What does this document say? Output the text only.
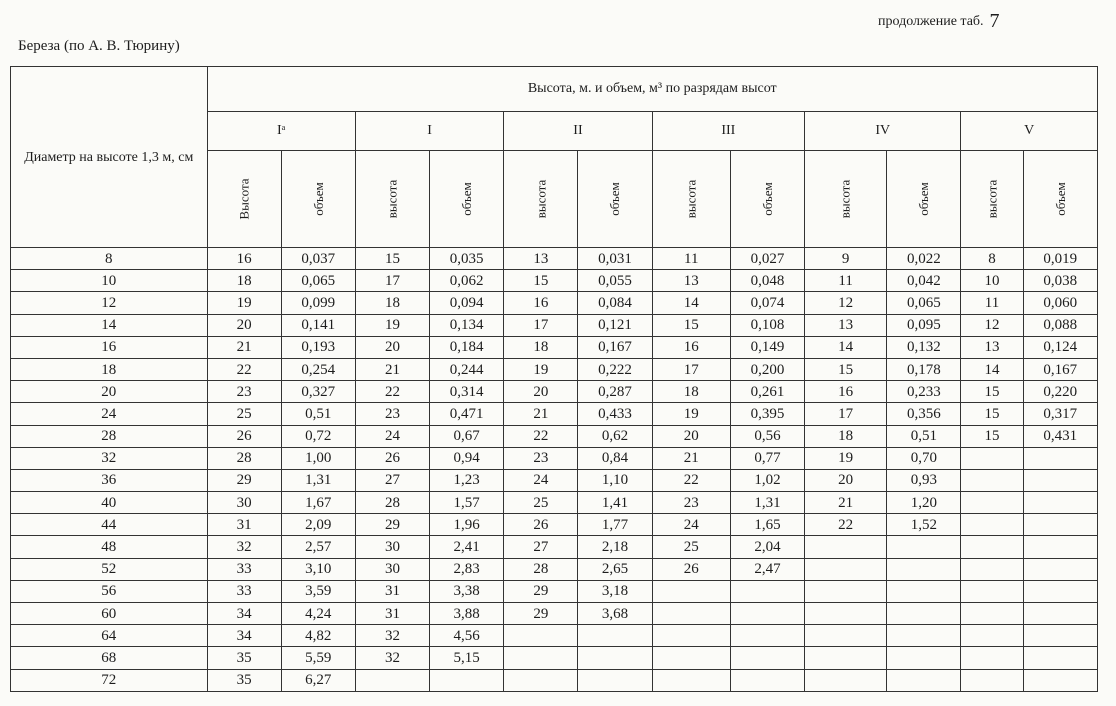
продолжение таб. 7
Береза (по А. В. Тюрину)
Диаметр на высоте 1,3 м, см	Высота, м. и объем, м³ по разрядам высот											
	Iᵃ		I		II		III		IV		V	
	Высота	объем	высота	объем	высота	объем	высота	объем	высота	объем	высота	объем
8	16	0,037	15	0,035	13	0,031	11	0,027	9	0,022	8	0,019
10	18	0,065	17	0,062	15	0,055	13	0,048	11	0,042	10	0,038
12	19	0,099	18	0,094	16	0,084	14	0,074	12	0,065	11	0,060
14	20	0,141	19	0,134	17	0,121	15	0,108	13	0,095	12	0,088
16	21	0,193	20	0,184	18	0,167	16	0,149	14	0,132	13	0,124
18	22	0,254	21	0,244	19	0,222	17	0,200	15	0,178	14	0,167
20	23	0,327	22	0,314	20	0,287	18	0,261	16	0,233	15	0,220
24	25	0,51	23	0,471	21	0,433	19	0,395	17	0,356	15	0,317
28	26	0,72	24	0,67	22	0,62	20	0,56	18	0,51	15	0,431
32	28	1,00	26	0,94	23	0,84	21	0,77	19	0,70		
36	29	1,31	27	1,23	24	1,10	22	1,02	20	0,93		
40	30	1,67	28	1,57	25	1,41	23	1,31	21	1,20		
44	31	2,09	29	1,96	26	1,77	24	1,65	22	1,52		
48	32	2,57	30	2,41	27	2,18	25	2,04				
52	33	3,10	30	2,83	28	2,65	26	2,47				
56	33	3,59	31	3,38	29	3,18						
60	34	4,24	31	3,88	29	3,68						
64	34	4,82	32	4,56								
68	35	5,59	32	5,15								
72	35	6,27										
